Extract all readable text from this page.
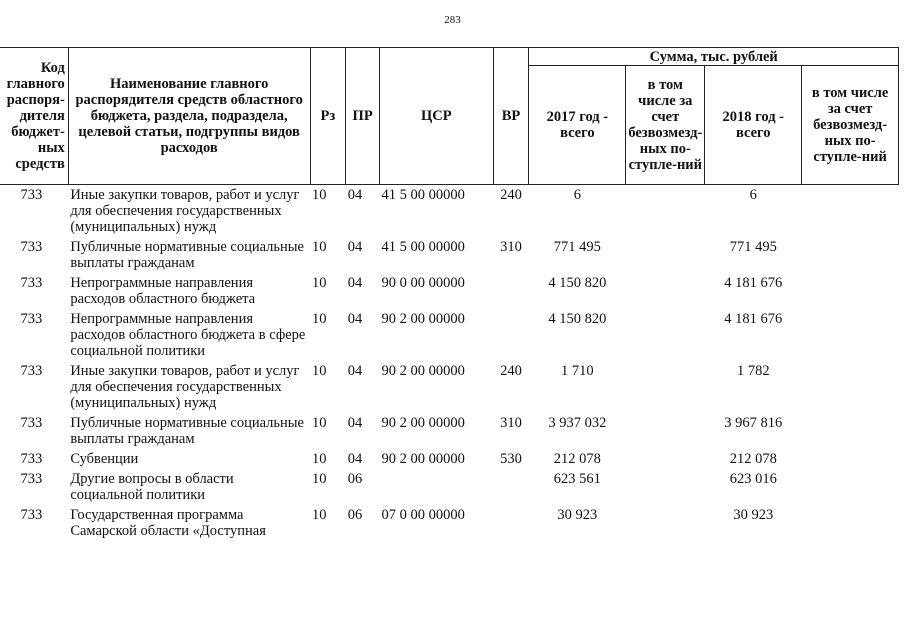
283
Код главного распоря-дителя бюджет-ных средств	Наименование главного распорядителя средств областного бюджета, раздела, подраздела, целевой статьи, подгруппы видов расходов	Рз	ПР	ЦСР	ВР	Сумма, тыс. рублей			
						2017 год - всего	в том числе за счет безвозмезд-ных по-ступле-ний	2018 год - всего	в том числе за счет безвозмезд-ных по-ступле-ний
733	Иные закупки товаров, работ и услуг для обеспечения государственных (муниципальных) нужд	10	04	41 5 00 00000	240	6		6	
733	Публичные нормативные социальные выплаты гражданам	10	04	41 5 00 00000	310	771 495		771 495	
733	Непрограммные направления расходов областного бюджета	10	04	90 0 00 00000		4 150 820		4 181 676	
733	Непрограммные направления расходов областного бюджета в сфере социальной политики	10	04	90 2 00 00000		4 150 820		4 181 676	
733	Иные закупки товаров, работ и услуг для обеспечения государственных (муниципальных) нужд	10	04	90 2 00 00000	240	1 710		1 782	
733	Публичные нормативные социальные выплаты гражданам	10	04	90 2 00 00000	310	3 937 032		3 967 816	
733	Субвенции	10	04	90 2 00 00000	530	212 078		212 078	
733	Другие вопросы в области социальной политики	10	06			623 561		623 016	
733	Государственная программа Самарской области «Доступная	10	06	07 0 00 00000		30 923		30 923	
